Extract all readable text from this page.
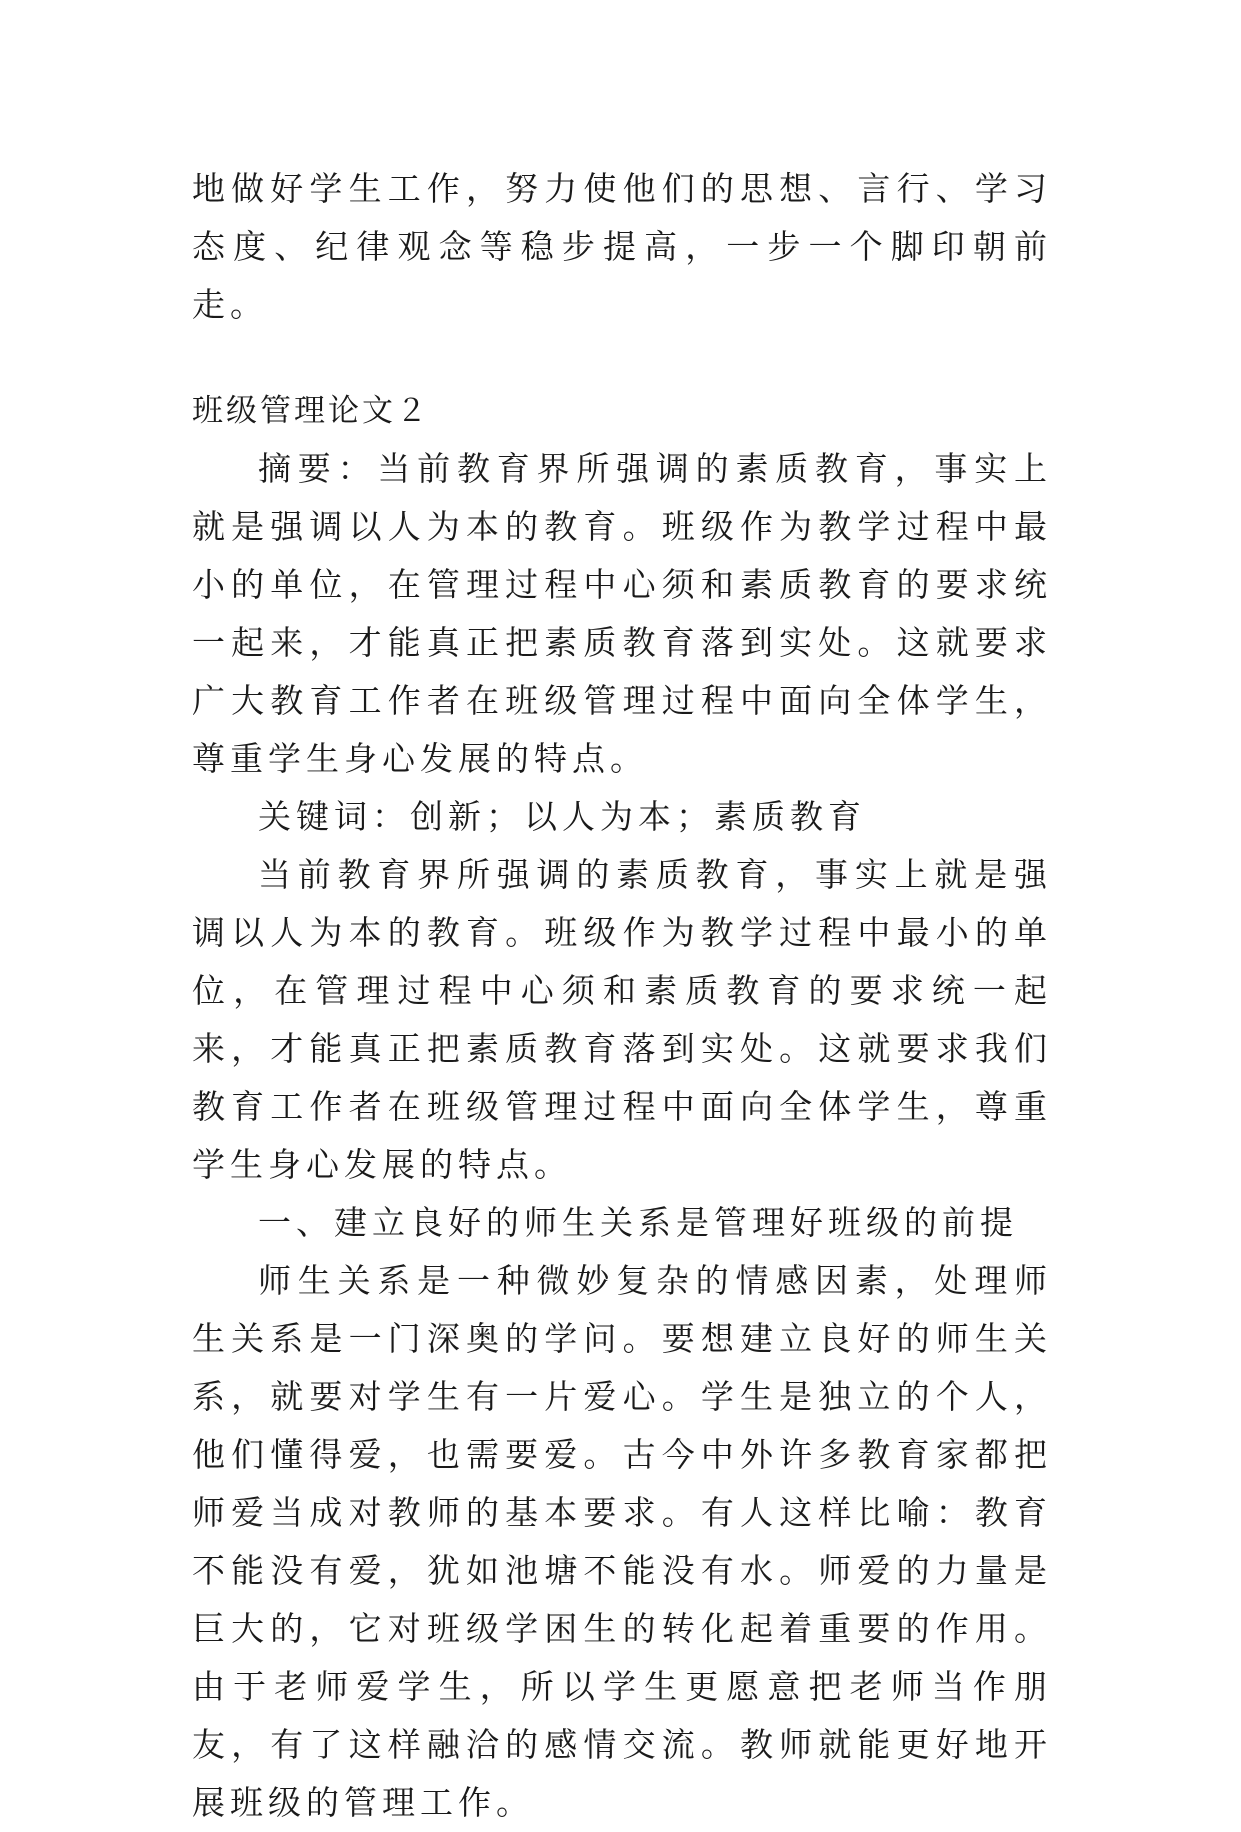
地做好学生工作，努力使他们的思想、言行、学习态度、纪律观念等稳步提高，一步一个脚印朝前走。

班级管理论文２

摘要：当前教育界所强调的素质教育，事实上就是强调以人为本的教育。班级作为教学过程中最小的单位，在管理过程中心须和素质教育的要求统一起来，才能真正把素质教育落到实处。这就要求广大教育工作者在班级管理过程中面向全体学生，尊重学生身心发展的特点。

关键词：创新；以人为本；素质教育

当前教育界所强调的素质教育，事实上就是强调以人为本的教育。班级作为教学过程中最小的单位，在管理过程中心须和素质教育的要求统一起来，才能真正把素质教育落到实处。这就要求我们教育工作者在班级管理过程中面向全体学生，尊重学生身心发展的特点。

一、建立良好的师生关系是管理好班级的前提

师生关系是一种微妙复杂的情感因素，处理师生关系是一门深奥的学问。要想建立良好的师生关系，就要对学生有一片爱心。学生是独立的个人，他们懂得爱，也需要爱。古今中外许多教育家都把师爱当成对教师的基本要求。有人这样比喻：教育不能没有爱，犹如池塘不能没有水。师爱的力量是巨大的，它对班级学困生的转化起着重要的作用。由于老师爱学生，所以学生更愿意把老师当作朋友，有了这样融洽的感情交流。教师就能更好地开展班级的管理工作。
